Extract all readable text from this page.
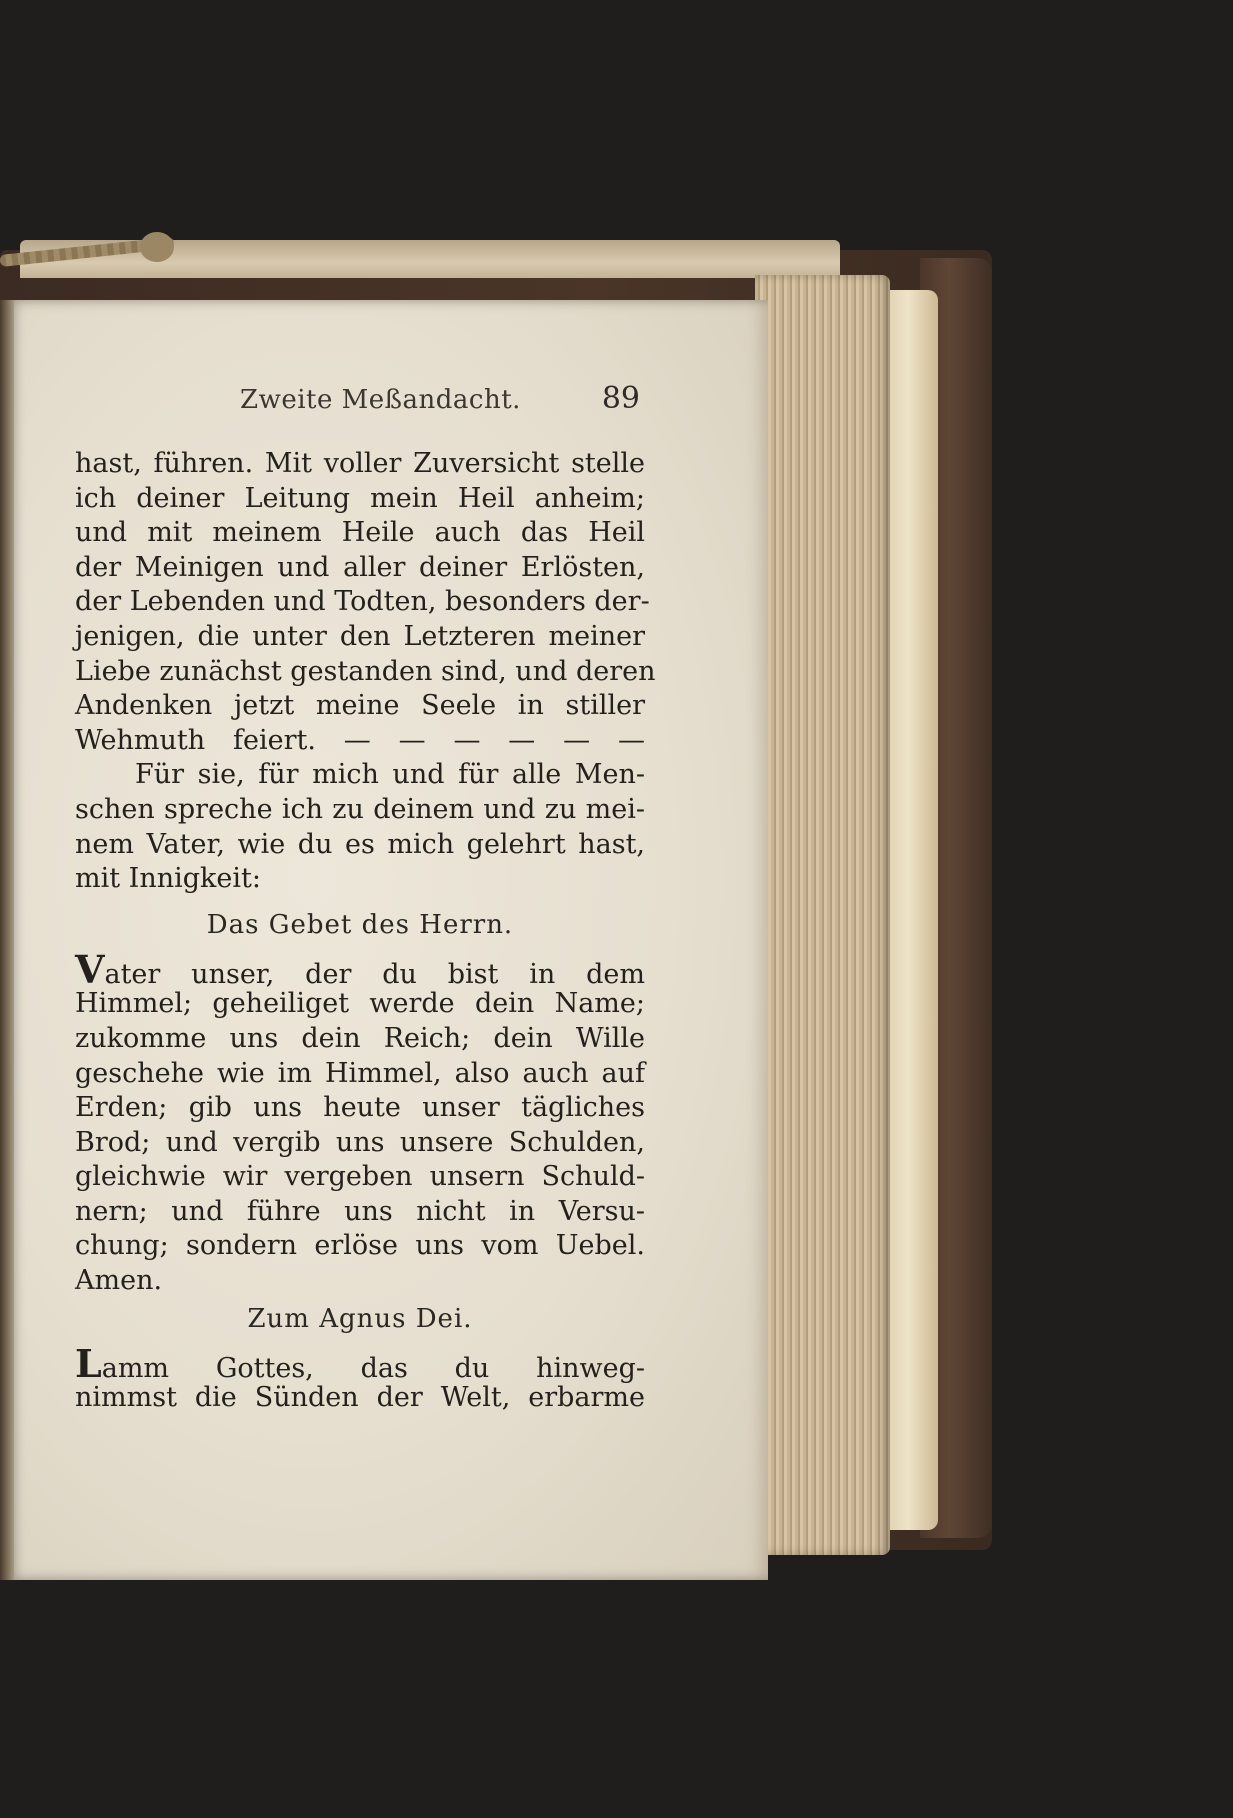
Zweite Meßandacht.	89
hast, führen. Mit voller Zuversicht stelle
ich deiner Leitung mein Heil anheim;
und mit meinem Heile auch das Heil
der Meinigen und aller deiner Erlösten,
der Lebenden und Todten, besonders der-
jenigen, die unter den Letzteren meiner
Liebe zunächst gestanden sind, und deren
Andenken jetzt meine Seele in stiller
Wehmuth feiert. — — — — — —
Für sie, für mich und für alle Men-
schen spreche ich zu deinem und zu mei-
nem Vater, wie du es mich gelehrt hast,
mit Innigkeit:
Das Gebet des Herrn.
Vater unser, der du bist in dem
Himmel; geheiliget werde dein Name;
zukomme uns dein Reich; dein Wille
geschehe wie im Himmel, also auch auf
Erden; gib uns heute unser tägliches
Brod; und vergib uns unsere Schulden,
gleichwie wir vergeben unsern Schuld-
nern; und führe uns nicht in Versu-
chung; sondern erlöse uns vom Uebel.
Amen.
Zum Agnus Dei.
Lamm Gottes, das du hinweg-
nimmst die Sünden der Welt, erbarme
